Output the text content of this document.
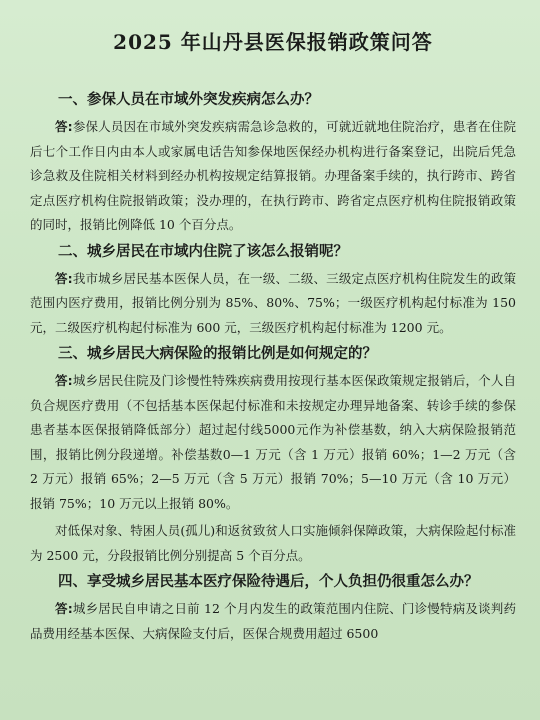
2025 年山丹县医保报销政策问答
一、参保人员在市域外突发疾病怎么办？
答:参保人员因在市域外突发疾病需急诊急救的，可就近就地住院治疗，患者在住院后七个工作日内由本人或家属电话告知参保地医保经办机构进行备案登记，出院后凭急诊急救及住院相关材料到经办机构按规定结算报销。办理备案手续的，执行跨市、跨省定点医疗机构住院报销政策；没办理的，在执行跨市、跨省定点医疗机构住院报销政策的同时，报销比例降低 10 个百分点。
二、城乡居民在市域内住院了该怎么报销呢？
答:我市城乡居民基本医保人员，在一级、二级、三级定点医疗机构住院发生的政策范围内医疗费用，报销比例分别为 85%、80%、75%；一级医疗机构起付标准为 150 元，二级医疗机构起付标准为 600 元，三级医疗机构起付标准为 1200 元。
三、城乡居民大病保险的报销比例是如何规定的？
答:城乡居民住院及门诊慢性特殊疾病费用按现行基本医保政策规定报销后，个人自负合规医疗费用（不包括基本医保起付标准和未按规定办理异地备案、转诊手续的参保患者基本医保报销降低部分）超过起付线5000元作为补偿基数，纳入大病保险报销范围，报销比例分段递增。补偿基数0—1 万元（含 1 万元）报销 60%；1—2 万元（含 2 万元）报销 65%；2—5 万元（含 5 万元）报销 70%；5—10 万元（含 10 万元）报销 75%；10 万元以上报销 80%。
对低保对象、特困人员(孤儿)和返贫致贫人口实施倾斜保障政策，大病保险起付标准为 2500 元，分段报销比例分别提高 5 个百分点。
四、享受城乡居民基本医疗保险待遇后，个人负担仍很重怎么办？
答:城乡居民自申请之日前 12 个月内发生的政策范围内住院、门诊慢特病及谈判药品费用经基本医保、大病保险支付后，医保合规费用超过 6500
